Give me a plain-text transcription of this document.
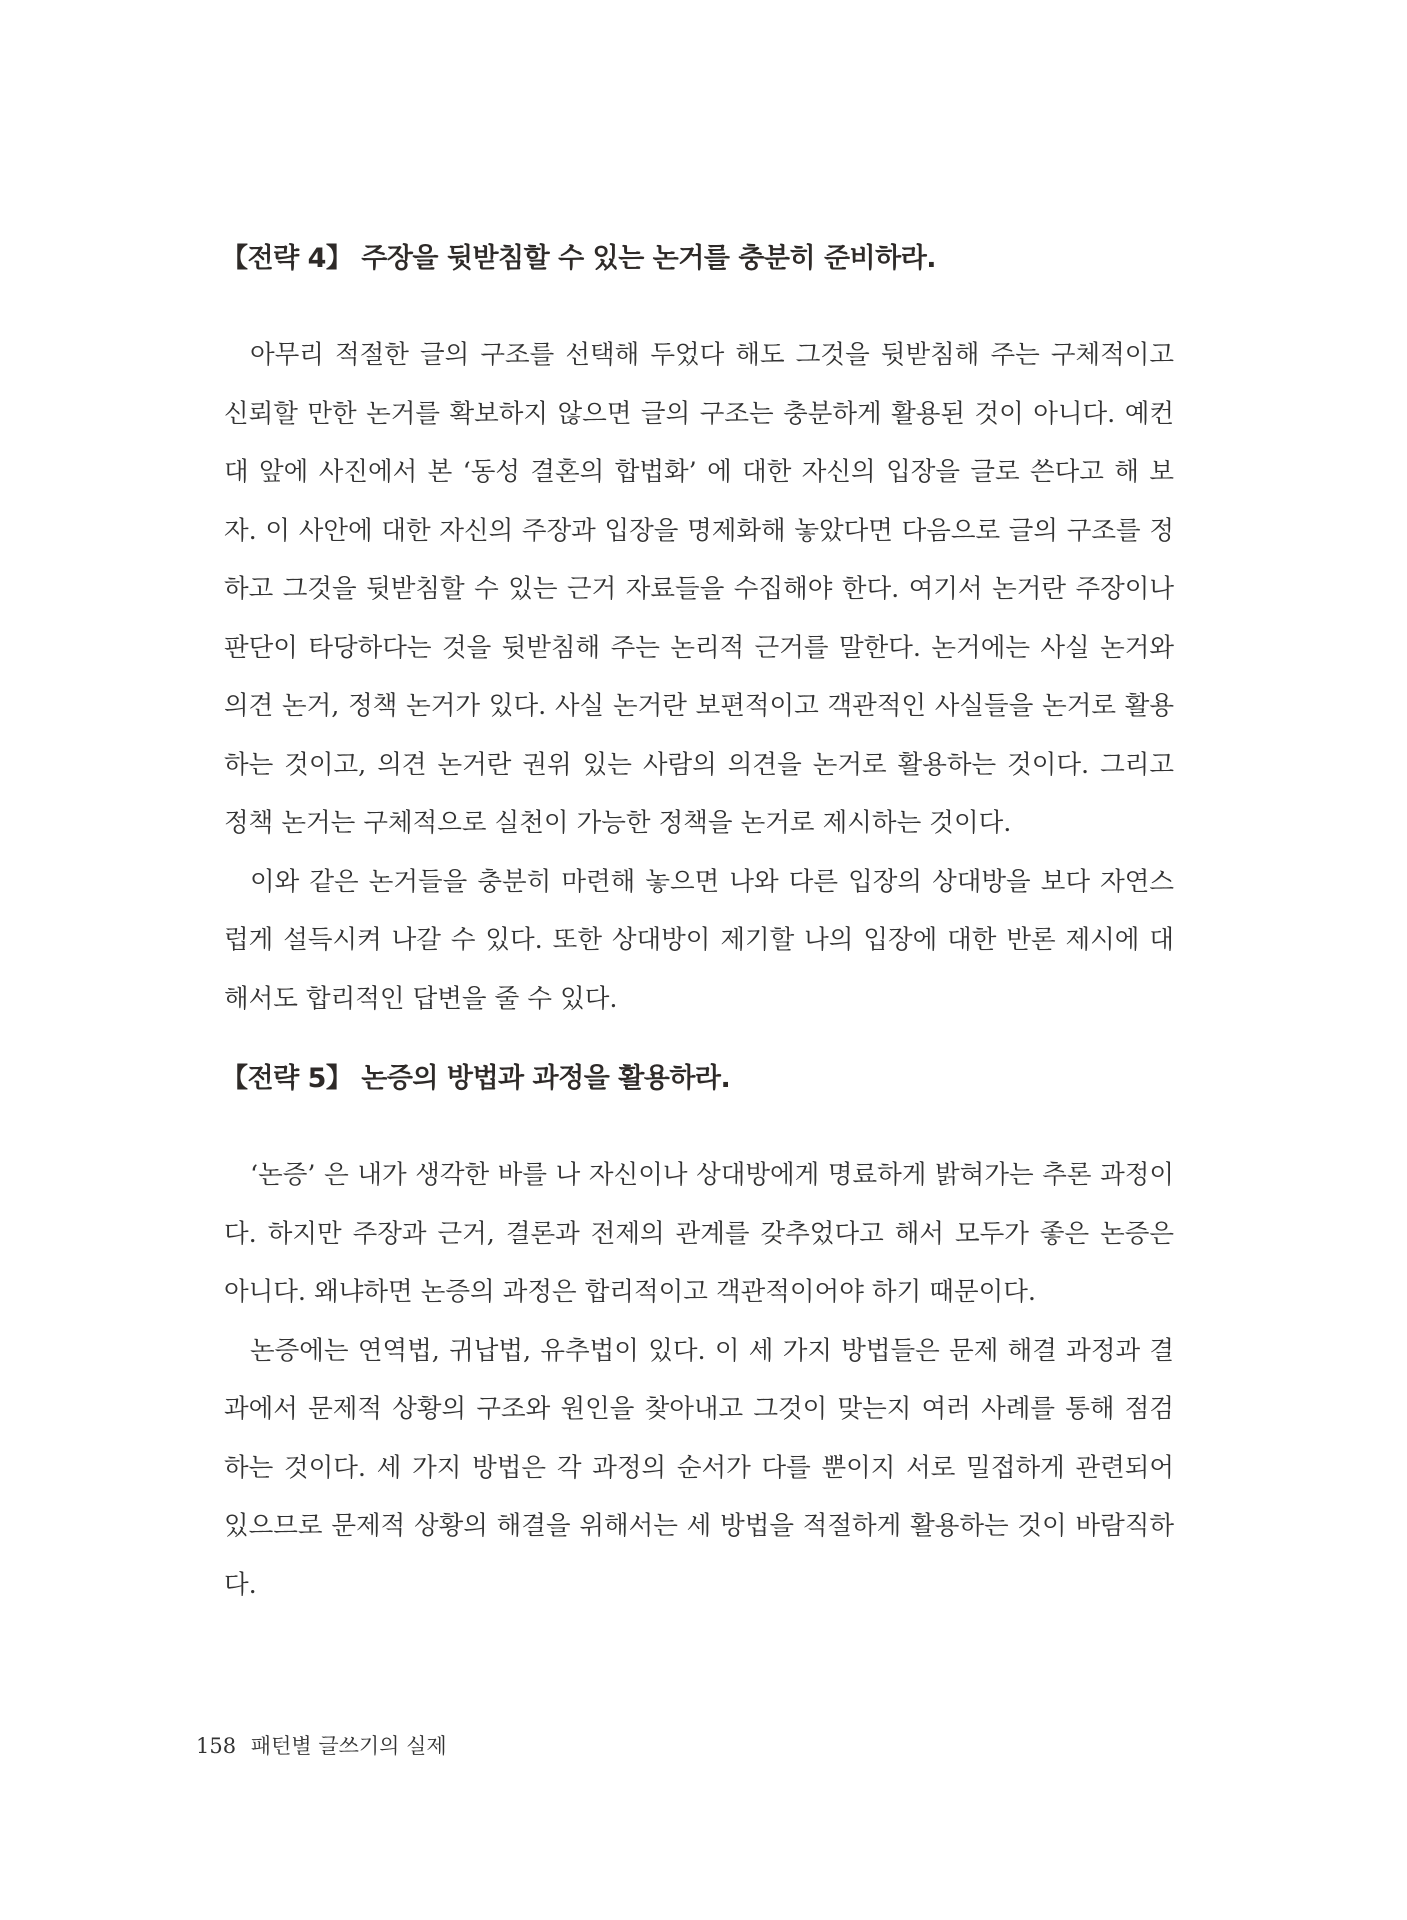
【전략 4】 주장을 뒷받침할 수 있는 논거를 충분히 준비하라.

아무리 적절한 글의 구조를 선택해 두었다 해도 그것을 뒷받침해 주는 구체적이고 신뢰할 만한 논거를 확보하지 않으면 글의 구조는 충분하게 활용된 것이 아니다. 예컨대 앞에 사진에서 본 ‘동성 결혼의 합법화’ 에 대한 자신의 입장을 글로 쓴다고 해 보자. 이 사안에 대한 자신의 주장과 입장을 명제화해 놓았다면 다음으로 글의 구조를 정하고 그것을 뒷받침할 수 있는 근거 자료들을 수집해야 한다. 여기서 논거란 주장이나 판단이 타당하다는 것을 뒷받침해 주는 논리적 근거를 말한다. 논거에는 사실 논거와 의견 논거, 정책 논거가 있다. 사실 논거란 보편적이고 객관적인 사실들을 논거로 활용하는 것이고, 의견 논거란 권위 있는 사람의 의견을 논거로 활용하는 것이다. 그리고 정책 논거는 구체적으로 실천이 가능한 정책을 논거로 제시하는 것이다.

이와 같은 논거들을 충분히 마련해 놓으면 나와 다른 입장의 상대방을 보다 자연스럽게 설득시켜 나갈 수 있다. 또한 상대방이 제기할 나의 입장에 대한 반론 제시에 대해서도 합리적인 답변을 줄 수 있다.

【전략 5】 논증의 방법과 과정을 활용하라.

‘논증’ 은 내가 생각한 바를 나 자신이나 상대방에게 명료하게 밝혀가는 추론 과정이다. 하지만 주장과 근거, 결론과 전제의 관계를 갖추었다고 해서 모두가 좋은 논증은 아니다. 왜냐하면 논증의 과정은 합리적이고 객관적이어야 하기 때문이다.

논증에는 연역법, 귀납법, 유추법이 있다. 이 세 가지 방법들은 문제 해결 과정과 결과에서 문제적 상황의 구조와 원인을 찾아내고 그것이 맞는지 여러 사례를 통해 점검하는 것이다. 세 가지 방법은 각 과정의 순서가 다를 뿐이지 서로 밀접하게 관련되어 있으므로 문제적 상황의 해결을 위해서는 세 방법을 적절하게 활용하는 것이 바람직하다.

158 패턴별 글쓰기의 실제
